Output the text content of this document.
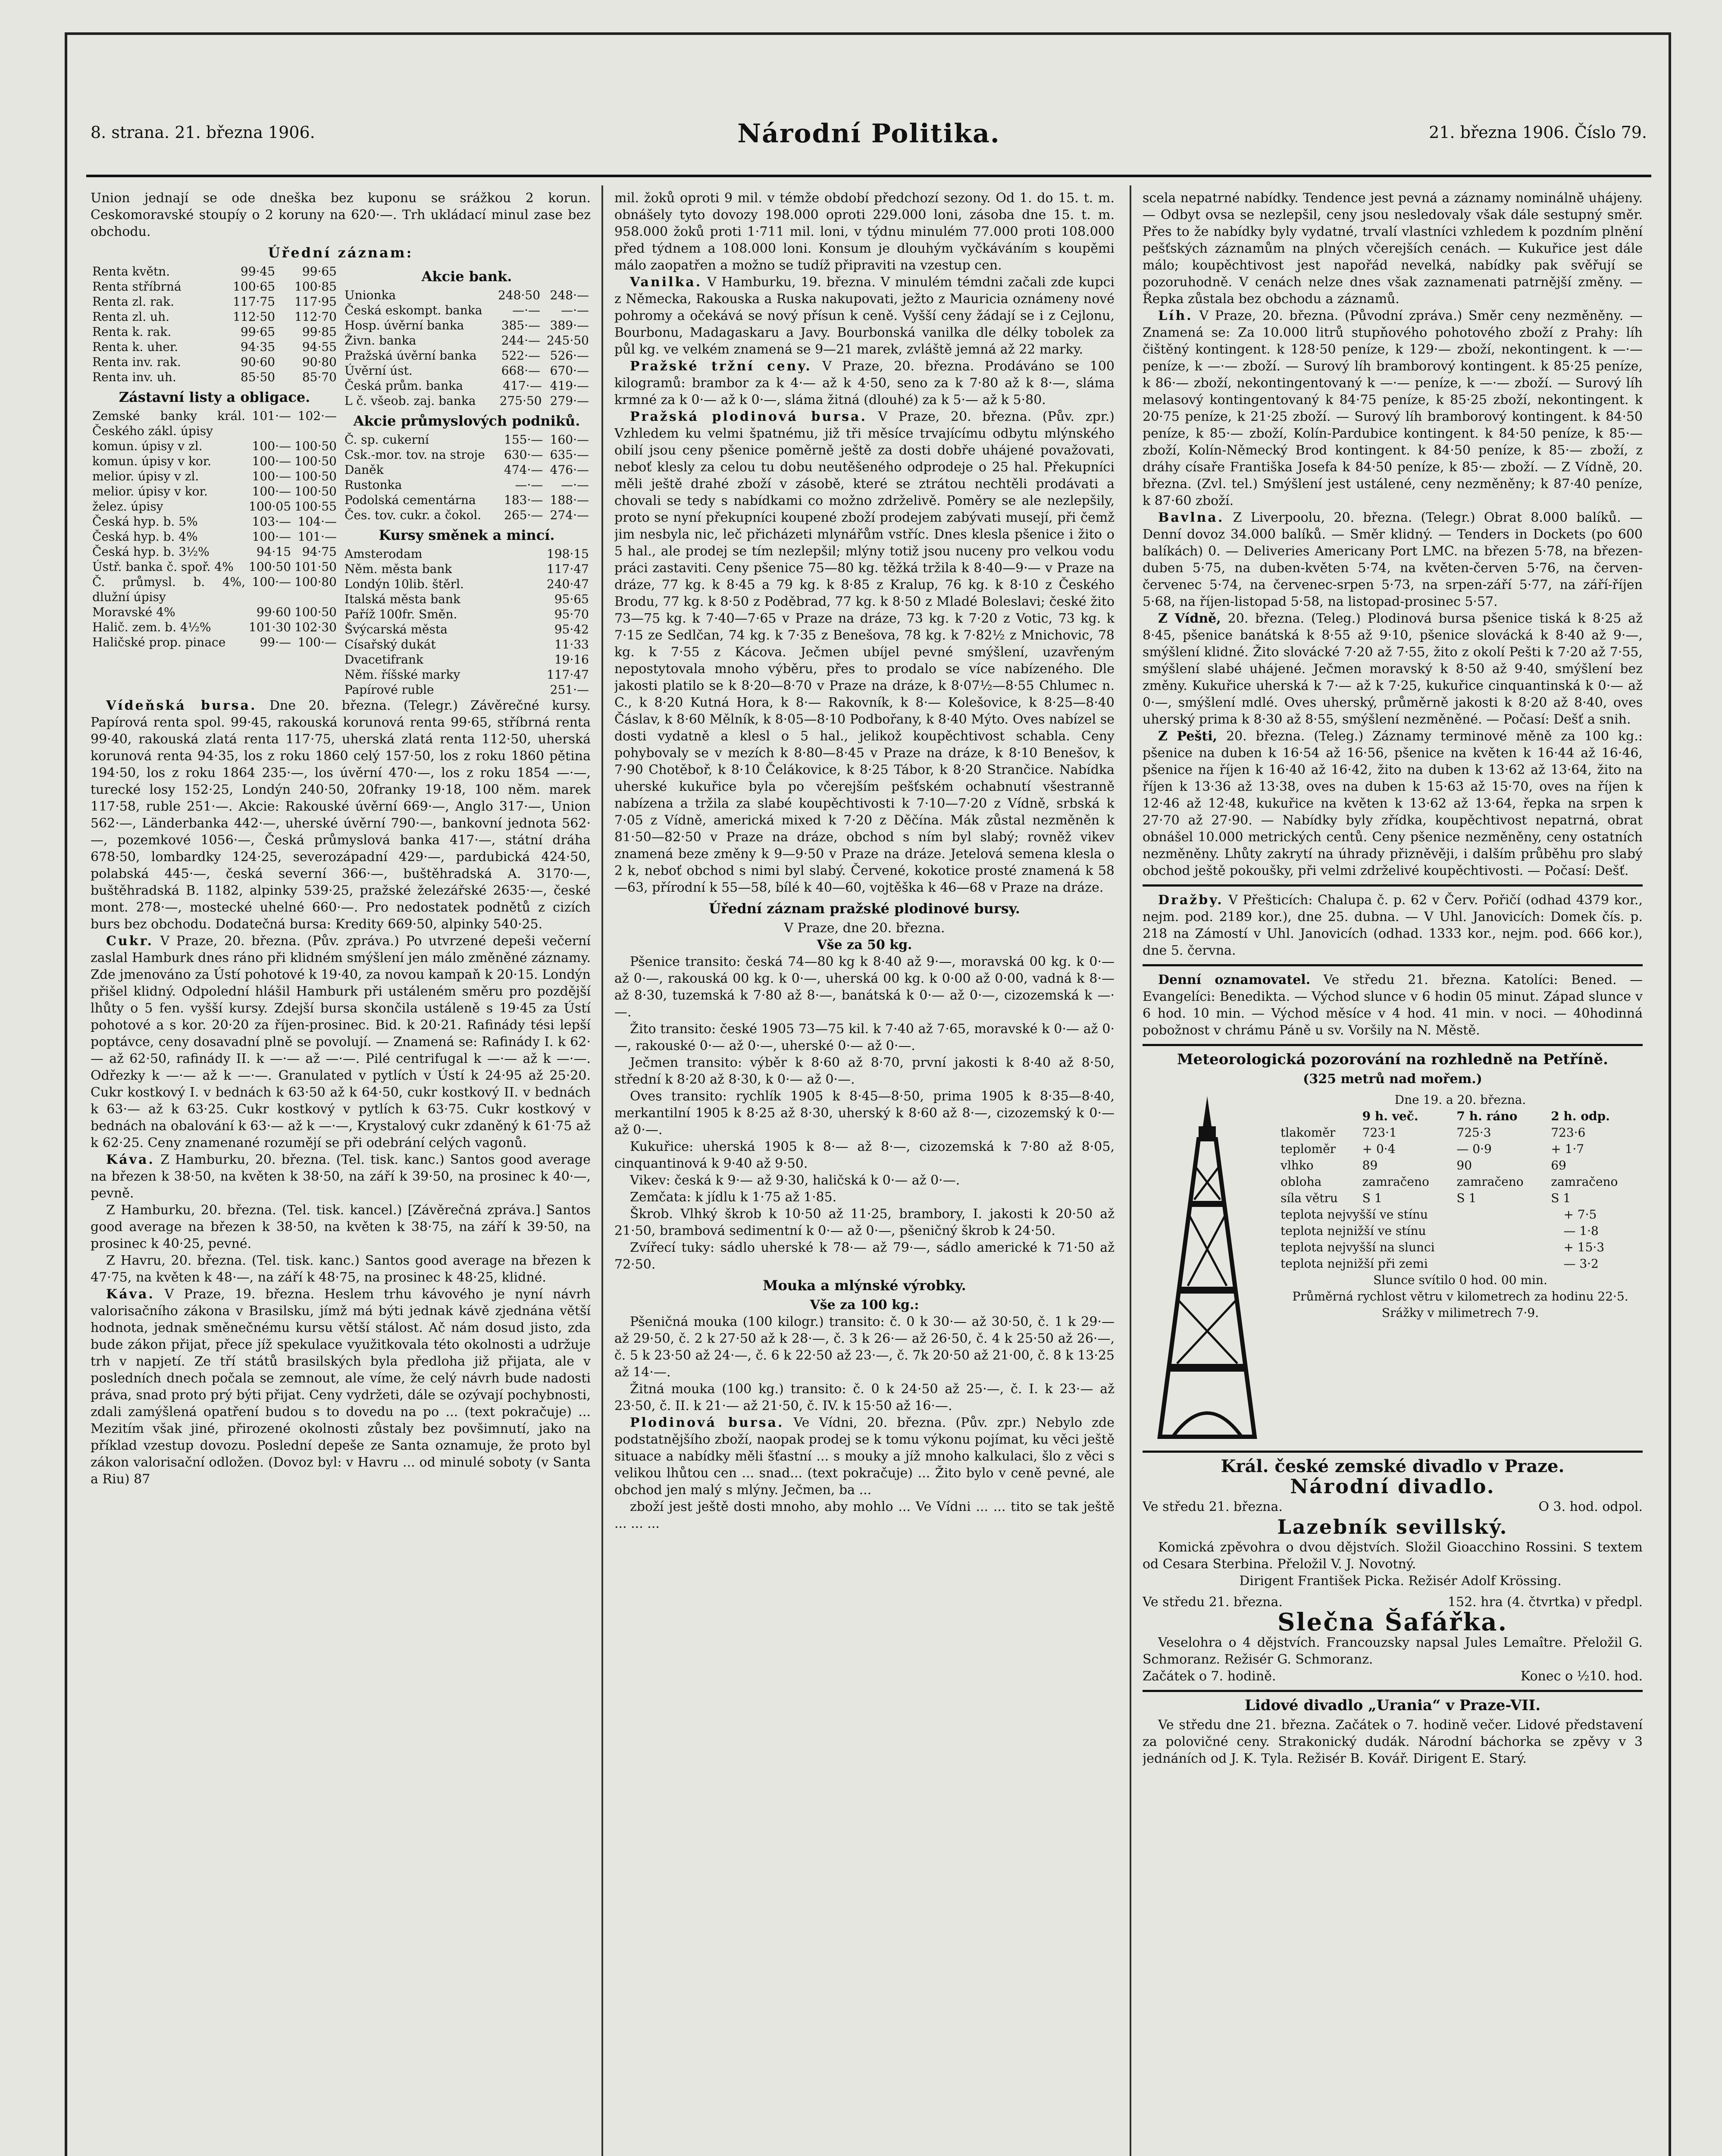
8. strana. 21. března 1906.	Národní Politika.	21. března 1906. Číslo 79.

Union jednají se ode dneška bez kuponu se srážkou 2 korun. Ceskomoravské stoupíy o 2 koruny na 620·—. Trh ukládací minul zase bez obchodu.

Úřední záznam:
Renta květn.	99·45	99·65
Renta stříbrná	100·65	100·85
Renta zl. rak.	117·75	117·95
Renta zl. uh.	112·50	112·70
Renta k. rak.	99·65	99·85
Renta k. uher.	94·35	94·55
Renta inv. rak.	90·60	90·80
Renta inv. uh.	85·50	85·70
Zástavní listy a obligace.
Zemské banky král. Českého zákl. úpisy	101·—	102·—
komun. úpisy v zl.	100·—	100·50
komun. úpisy v kor.	100·—	100·50
melior. úpisy v zl.	100·—	100·50
melior. úpisy v kor.	100·—	100·50
želez. úpisy	100·05	100·55
Česká hyp. b. 5%	103·—	104·—
Česká hyp. b. 4%	100·—	101·—
Česká hyp. b. 3½%	94·15	94·75
Ústř. banka č. spoř. 4%	100·50	101·50
Č. průmysl. b. 4%, dlužní úpisy	100·—	100·80
Moravské 4%	99·60	100·50
Halič. zem. b. 4½%	101·30	102·30
Haličské prop. pinace	99·—	100·—
Akcie bank.
Unionka	248·50	248·—
Česká eskompt. banka	—·—	—·—
Hosp. úvěrní banka	385·—	389·—
Živn. banka	244·—	245·50
Pražská úvěrní banka	522·—	526·—
Úvěrní úst.	668·—	670·—
Česká prům. banka	417·—	419·—
L č. všeob. zaj. banka	275·50	279·—
Akcie průmyslových podniků.
Č. sp. cukerní	155·—	160·—
Csk.-mor. tov. na stroje	630·—	635·—
Daněk	474·—	476·—
Rustonka	—·—	—·—
Podolská cementárna	183·—	188·—
Čes. tov. cukr. a čokol.	265·—	274·—
Kursy směnek a mincí.
Amsterodam	198·15
Něm. města bank	117·47
Londýn 10lib. štěrl.	240·47
Italská města bank	95·65
Paříž 100fr. Směn.	95·70
Švýcarská města	95·42
Císařský dukát	11·33
Dvacetifrank	19·16
Něm. říšské marky	117·47
Papírové ruble	251·—

Vídeňská bursa. Dne 20. března. (Telegr.) Závěrečné kursy. Papírová renta spol. 99·45, rakouská korunová renta 99·65, stříbrná renta 99·40, rakouská zlatá renta 117·75, uherská zlatá renta 112·50, uherská korunová renta 94·35, los z roku 1860 celý 157·50, los z roku 1860 pětina 194·50, los z roku 1864 235·—, los úvěrní 470·—, los z roku 1854 —·—, turecké losy 152·25, Londýn 240·50, 20franky 19·18, 100 něm. marek 117·58, ruble 251·—. Akcie: Rakouské úvěrní 669·—, Anglo 317·—, Union 562·—, Länderbanka 442·—, uherské úvěrní 790·—, bankovní jednota 562·—, pozemkové 1056·—, Česká průmyslová banka 417·—, státní dráha 678·50, lombardky 124·25, severozápadní 429·—, pardubická 424·50, polabská 445·—, česká severní 366·—, buštěhradská A. 3170·—, buštěhradská B. 1182, alpinky 539·25, pražské železářské 2635·—, české mont. 278·—, mostecké uhelné 660·—. Pro nedostatek podnětů z cizích burs bez obchodu. Dodatečná bursa: Kredity 669·50, alpinky 540·25.

Cukr. V Praze, 20. března. (Pův. zpráva.) Po utvrzené depeši večerní zaslal Hamburk dnes ráno při klidném smýšlení jen málo změněné záznamy. Zde jmenováno za Ústí pohotové k 19·40, za novou kampaň k 20·15. Londýn přišel klidný. Odpolední hlášil Hamburk při ustáleném směru pro pozdější lhůty o 5 fen. vyšší kursy. Zdejší bursa skončila ustáleně s 19·45 za Ústí pohotové a s kor. 20·20 za říjen-prosinec. Bid. k 20·21. Rafinády tési lepší poptávce, ceny dosavadní plně se povolují. — Znamená se: Rafinády I. k 62·— až 62·50, rafinády II. k —·— až —·—. Pilé centrifugal k —·— až k —·—. Odřezky k —·— až k —·—. Granulated v pytlích v Ústí k 24·95 až 25·20. Cukr kostkový I. v bednách k 63·50 až k 64·50, cukr kostkový II. v bednách k 63·— až k 63·25. Cukr kostkový v pytlích k 63·75. Cukr kostkový v bednách na obalování k 63·— až k —·—, Krystalový cukr zdaněný k 61·75 až k 62·25. Ceny znamenané rozumějí se při odebrání celých vagonů.

Káva. Z Hamburku, 20. března. (Tel. tisk. kanc.) Santos good average na březen k 38·50, na květen k 38·50, na září k 39·50, na prosinec k 40·—, pevně.

Z Hamburku, 20. března. (Tel. tisk. kancel.) [Závěrečná zpráva.] Santos good average na březen k 38·50, na květen k 38·75, na září k 39·50, na prosinec k 40·25, pevné.

Z Havru, 20. března. (Tel. tisk. kanc.) Santos good average na březen k 47·75, na květen k 48·—, na září k 48·75, na prosinec k 48·25, klidné.

Káva. V Praze, 19. března. Heslem trhu kávového je nyní návrh valorisačního zákona v Brasilsku, jímž má býti jednak kávě zjednána větší hodnota, jednak směnečnému kursu větší stálost. Ač nám dosud jisto, zda bude zákon přijat, přece jíž spekulace využitkovala této okolnosti a udržuje trh v napjetí. Ze tří států brasilských byla předloha již přijata, ale v posledních dnech počala se zemnout, ale víme, že celý návrh bude nadosti práva, snad proto prý býti přijat. Ceny vydržeti, dále se ozývají pochybnosti, zdali zamýšlená opatření budou s to dovedu na po ... (text pokračuje) ... Mezitím však jiné, přirozené okolnosti zůstaly bez povšimnutí, jako na příklad vzestup dovozu. Poslední depeše ze Santa oznamuje, že proto byl zákon valorisační odložen. (Dovoz byl: v Havru ... od minulé soboty (v Santa a Riu) 87

mil. žoků oproti 9 mil. v témže období předchozí sezony. Od 1. do 15. t. m. obnášely tyto dovozy 198.000 oproti 229.000 loni, zásoba dne 15. t. m. 958.000 žoků proti 1·711 mil. loni, v týdnu minulém 77.000 proti 108.000 před týdnem a 108.000 loni. Konsum je dlouhým vyčkáváním s koupěmi málo zaopatřen a možno se tudíž připraviti na vzestup cen.

Vanilka. V Hamburku, 19. března. V minulém témdni začali zde kupci z Německa, Rakouska a Ruska nakupovati, ježto z Mauricia oznámeny nové pohromy a očekává se nový přísun k ceně. Vyšší ceny žádají se i z Cejlonu, Bourbonu, Madagaskaru a Javy. Bourbonská vanilka dle délky tobolek za půl kg. ve velkém znamená se 9—21 marek, zvláště jemná až 22 marky.

Pražské tržní ceny. V Praze, 20. března. Prodáváno se 100 kilogramů: brambor za k 4·— až k 4·50, seno za k 7·80 až k 8·—, sláma krmné za k 0·— až k 0·—, sláma žitná (dlouhé) za k 5·— až k 5·80.

Pražská plodinová bursa. V Praze, 20. března. (Pův. zpr.) Vzhledem ku velmi špatnému, již tři měsíce trvajícímu odbytu mlýnského obilí jsou ceny pšenice poměrně ještě za dosti dobře uhájené považovati, neboť klesly za celou tu dobu neutěšeného odprodeje o 25 hal. Překupníci měli ještě drahé zboží v zásobě, které se ztrátou nechtěli prodávati a chovali se tedy s nabídkami co možno zdrželivě. Poměry se ale nezlepšily, proto se nyní překupníci koupené zboží prodejem zabývati musejí, při čemž jim nesbyla nic, leč přicházeti mlynářům vstříc. Dnes klesla pšenice i žito o 5 hal., ale prodej se tím nezlepšil; mlýny totiž jsou nuceny pro velkou vodu práci zastaviti. Ceny pšenice 75—80 kg. těžká tržila k 8·40—9·— v Praze na dráze, 77 kg. k 8·45 a 79 kg. k 8·85 z Kralup, 76 kg. k 8·10 z Českého Brodu, 77 kg. k 8·50 z Poděbrad, 77 kg. k 8·50 z Mladé Boleslavi; české žito 73—75 kg. k 7·40—7·65 v Praze na dráze, 73 kg. k 7·20 z Votic, 73 kg. k 7·15 ze Sedlčan, 74 kg. k 7·35 z Benešova, 78 kg. k 7·82½ z Mnichovic, 78 kg. k 7·55 z Kácova. Ječmen ubíjel pevné smýšlení, uzavřeným nepostytovala mnoho výběru, přes to prodalo se více nabízeného. Dle jakosti platilo se k 8·20—8·70 v Praze na dráze, k 8·07½—8·55 Chlumec n. C., k 8·20 Kutná Hora, k 8·— Rakovník, k 8·— Kolešovice, k 8·25—8·40 Čáslav, k 8·60 Mělník, k 8·05—8·10 Podbořany, k 8·40 Mýto. Oves nabízel se dosti vydatně a klesl o 5 hal., jelikož koupěchtivost schabla. Ceny pohybovaly se v mezích k 8·80—8·45 v Praze na dráze, k 8·10 Benešov, k 7·90 Chotěboř, k 8·10 Čelákovice, k 8·25 Tábor, k 8·20 Strančice. Nabídka uherské kukuřice byla po včerejším pešťském ochabnutí všestranně nabízena a tržila za slabé koupěchtivosti k 7·10—7·20 z Vídně, srbská k 7·05 z Vídně, americká mixed k 7·20 z Děčína. Mák zůstal nezměněn k 81·50—82·50 v Praze na dráze, obchod s ním byl slabý; rovněž vikev znamená beze změny k 9—9·50 v Praze na dráze. Jetelová semena klesla o 2 k, neboť obchod s nimi byl slabý. Červené, kokotice prosté znamená k 58—63, přírodní k 55—58, bílé k 40—60, vojtěška k 46—68 v Praze na dráze.

Úřední záznam pražské plodinové bursy.
V Praze, dne 20. března.
Vše za 50 kg.

Pšenice transito: česká 74—80 kg k 8·40 až 9·—, moravská 00 kg. k 0·— až 0·—, rakouská 00 kg. k 0·—, uherská 00 kg. k 0·00 až 0·00, vadná k 8·— až 8·30, tuzemská k 7·80 až 8·—, banátská k 0·— až 0·—, cizozemská k —·—.

Žito transito: české 1905 73—75 kil. k 7·40 až 7·65, moravské k 0·— až 0·—, rakouské 0·— až 0·—, uherské 0·— až 0·—.

Ječmen transito: výběr k 8·60 až 8·70, první jakosti k 8·40 až 8·50, střední k 8·20 až 8·30, k 0·— až 0·—.

Oves transito: rychlík 1905 k 8·45—8·50, prima 1905 k 8·35—8·40, merkantilní 1905 k 8·25 až 8·30, uherský k 8·60 až 8·—, cizozemský k 0·— až 0·—.

Kukuřice: uherská 1905 k 8·— až 8·—, cizozemská k 7·80 až 8·05, cinquantinová k 9·40 až 9·50.

Vikev: česká k 9·— až 9·30, haličská k 0·— až 0·—.

Zemčata: k jídlu k 1·75 až 1·85.

Škrob. Vlhký škrob k 10·50 až 11·25, brambory, I. jakosti k 20·50 až 21·50, brambová sedimentní k 0·— až 0·—, pšeničný škrob k 24·50.

Zvířecí tuky: sádlo uherské k 78·— až 79·—, sádlo americké k 71·50 až 72·50.

Mouka a mlýnské výrobky.
Vše za 100 kg.:

Pšeničná mouka (100 kilogr.) transito: č. 0 k 30·— až 30·50, č. 1 k 29·— až 29·50, č. 2 k 27·50 až k 28·—, č. 3 k 26·— až 26·50, č. 4 k 25·50 až 26·—, č. 5 k 23·50 až 24·—, č. 6 k 22·50 až 23·—, č. 7k 20·50 až 21·00, č. 8 k 13·25 až 14·—.

Žitná mouka (100 kg.) transito: č. 0 k 24·50 až 25·—, č. I. k 23·— až 23·50, č. II. k 21·— až 21·50, č. IV. k 15·50 až 16·—.

Plodinová bursa. Ve Vídni, 20. března. (Pův. zpr.) Nebylo zde podstatnějšího zboží, naopak prodej se k tomu výkonu pojímat, ku věci ještě situace a nabídky měli šťastní ... s mouky a jíž mnoho kalkulaci, šlo z věci s velikou lhůtou cen ... snad... (text pokračuje) ... Žito bylo v ceně pevné, ale obchod jen malý s mlýny. Ječmen, ba ...

zboží jest ještě dosti mnoho, aby mohlo ... Ve Vídni ... ... tito se tak ještě ... ... ...

scela nepatrné nabídky. Tendence jest pevná a záznamy nominálně uhájeny. — Odbyt ovsa se nezlepšil, ceny jsou nesledovaly však dále sestupný směr. Přes to že nabídky byly vydatné, trvalí vlastníci vzhledem k pozdním plnění pešťských záznamům na plných včerejších cenách. — Kukuřice jest dále málo; koupěchtivost jest napořád nevelká, nabídky pak svěřují se pozoruhodně. V cenách nelze dnes však zaznamenati patrnější změny. — Řepka zůstala bez obchodu a záznamů.

Líh. V Praze, 20. března. (Původní zpráva.) Směr ceny nezměněny. — Znamená se: Za 10.000 litrů stupňového pohotového zboží z Prahy: líh čištěný kontingent. k 128·50 peníze, k 129·— zboží, nekontingent. k —·— peníze, k —·— zboží. — Surový líh bramborový kontingent. k 85·25 peníze, k 86·— zboží, nekontingentovaný k —·— peníze, k —·— zboží. — Surový líh melasový kontingentovaný k 84·75 peníze, k 85·25 zboží, nekontingent. k 20·75 peníze, k 21·25 zboží. — Surový líh bramborový kontingent. k 84·50 peníze, k 85·— zboží, Kolín-Pardubice kontingent. k 84·50 peníze, k 85·— zboží, Kolín-Německý Brod kontingent. k 84·50 peníze, k 85·— zboží, z dráhy císaře Františka Josefa k 84·50 peníze, k 85·— zboží. — Z Vídně, 20. března. (Zvl. tel.) Smýšlení jest ustálené, ceny nezměněny; k 87·40 peníze, k 87·60 zboží.

Bavlna. Z Liverpoolu, 20. března. (Telegr.) Obrat 8.000 balíků. — Denní dovoz 34.000 balíků. — Směr klidný. — Tenders in Dockets (po 600 balíkách) 0. — Deliveries Americany Port LMC. na březen 5·78, na březen-duben 5·75, na duben-květen 5·74, na květen-červen 5·76, na červen-červenec 5·74, na červenec-srpen 5·73, na srpen-září 5·77, na září-říjen 5·68, na říjen-listopad 5·58, na listopad-prosinec 5·57.

Z Vídně, 20. března. (Teleg.) Plodinová bursa pšenice tiská k 8·25 až 8·45, pšenice banátská k 8·55 až 9·10, pšenice slovácká k 8·40 až 9·—, smýšlení klidné. Žito slovácké 7·20 až 7·55, žito z okolí Pešti k 7·20 až 7·55, smýšlení slabé uhájené. Ječmen moravský k 8·50 až 9·40, smýšlení bez změny. Kukuřice uherská k 7·— až k 7·25, kukuřice cinquantinská k 0·— až 0·—, smýšlení mdlé. Oves uherský, průměrně jakosti k 8·20 až 8·40, oves uherský prima k 8·30 až 8·55, smýšlení nezměněné. — Počasí: Dešť a snih.

Z Pešti, 20. března. (Teleg.) Záznamy terminové měně za 100 kg.: pšenice na duben k 16·54 až 16·56, pšenice na květen k 16·44 až 16·46, pšenice na říjen k 16·40 až 16·42, žito na duben k 13·62 až 13·64, žito na říjen k 13·36 až 13·38, oves na duben k 15·63 až 15·70, oves na říjen k 12·46 až 12·48, kukuřice na květen k 13·62 až 13·64, řepka na srpen k 27·70 až 27·90. — Nabídky byly zřídka, koupěchtivost nepatrná, obrat obnášel 10.000 metrických centů. Ceny pšenice nezměněny, ceny ostatních nezměněny. Lhůty zakrytí na úhrady přizněvěji, i dalším průběhu pro slabý obchod ještě pokoušky, při velmi zdrželivé koupěchtivosti. — Počasí: Dešť.

Dražby. V Přešticích: Chalupa č. p. 62 v Červ. Pořičí (odhad 4379 kor., nejm. pod. 2189 kor.), dne 25. dubna. — V Uhl. Janovicích: Domek čís. p. 218 na Zámostí v Uhl. Janovicích (odhad. 1333 kor., nejm. pod. 666 kor.), dne 5. června.

Denní oznamovatel. Ve středu 21. března. Katolíci: Bened. — Evangelíci: Benedikta. — Východ slunce v 6 hodin 05 minut. Západ slunce v 6 hod. 10 min. — Východ měsíce v 4 hod. 41 min. v noci. — 40hodinná pobožnost v chrámu Páně u sv. Voršily na N. Městě.

Meteorologická pozorování na rozhledně na Petříně.
(325 metrů nad mořem.)
Dne 19. a 20. března.
	9 h. več.	7 h. ráno	2 h. odp.
tlakoměr	723·1	725·3	723·6
teploměr	+ 0·4	— 0·9	+ 1·7
vlhko	89	90	69
obloha	zamračeno	zamračeno	zamračeno
síla větru	S 1	S 1	S 1
teplota nejvyšší ve stínu	+ 7·5
teplota nejnižší ve stínu	— 1·8
teplota nejvyšší na slunci	+ 15·3
teplota nejnižší při zemi	— 3·2
Slunce svítilo 0 hod. 00 min.
Průměrná rychlost větru v kilometrech za hodinu 22·5.
Srážky v milimetrech 7·9.
Král. české zemské divadlo v Praze.
Národní divadlo.
Ve středu 21. března.	O 3. hod. odpol.
Lazebník sevillský.

Komická zpěvohra o dvou dějstvích. Složil Gioacchino Rossini. S textem od Cesara Sterbina. Přeložil V. J. Novotný.

Dirigent František Picka. Režisér Adolf Krössing.

Ve středu 21. března.	152. hra (4. čtvrtka) v předpl.
Slečna Šafářka.

Veselohra o 4 dějstvích. Francouzsky napsal Jules Lemaître. Přeložil G. Schmoranz. Režisér G. Schmoranz.

Začátek o 7. hodině.	Konec o ½10. hod.
Lidové divadlo „Urania“ v Praze-VII.

Ve středu dne 21. března. Začátek o 7. hodině večer. Lidové představení za polovičné ceny. Strakonický dudák. Národní báchorka se zpěvy v 3 jednáních od J. K. Tyla. Režisér B. Kovář. Dirigent E. Starý.
